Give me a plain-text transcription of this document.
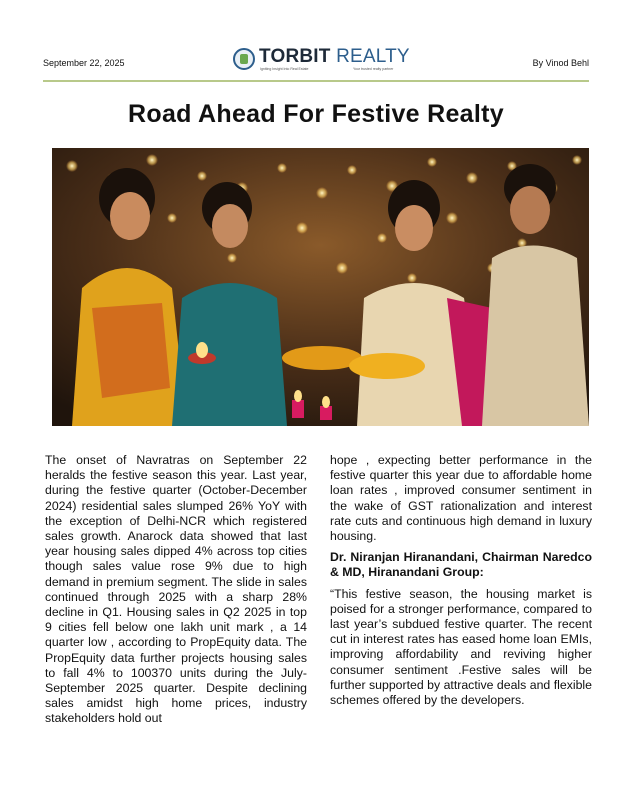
September 22, 2025	TORBIT REALTY
Igniting Insight Into Real Estate	Your trusted realty partner
By Vinod Behl
Road Ahead For Festive Realty

The onset of Navratras on September 22 heralds the festive season this year. Last year, during the festive quarter (October-December 2024) residential sales slumped 26% YoY with the exception of Delhi-NCR which registered sales growth. Anarock data showed that last year housing sales dipped 4% across top cities though sales value rose 9% due to high demand in premium segment. The slide in sales continued through 2025 with a sharp 28% decline in Q1. Housing sales in Q2 2025 in top 9 cities fell below one lakh unit mark , a 14 quarter low , according to PropEquity data. The PropEquity data further projects housing sales to fall 4% to 100370 units during the July-September 2025 quarter. Despite declining sales amidst high home prices, industry stakeholders hold out

hope , expecting better performance in the festive quarter this year due to affordable home loan rates , improved consumer sentiment in the wake of GST rationalization and interest rate cuts and continuous high demand in luxury housing.

Dr. Niranjan Hiranandani, Chairman Naredco & MD, Hiranandani Group:

“This festive season, the housing market is poised for a stronger performance, compared to last year’s subdued festive quarter. The recent cut in interest rates has eased home loan EMIs, improving affordability and reviving higher consumer sentiment .Festive sales will be further supported by attractive deals and flexible schemes offered by the developers.
